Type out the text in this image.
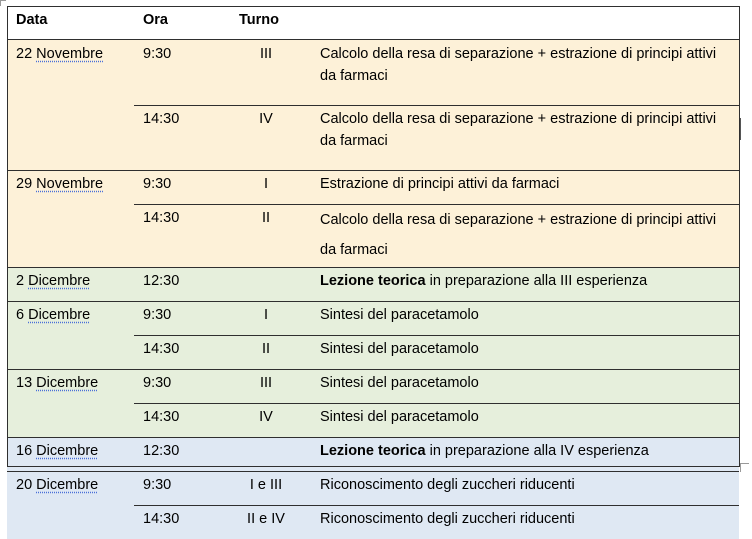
Data	Ora	Turno	
22 Novembre	9:30	III	Calcolo della resa di separazione + estrazione di principi attivi da farmaci
	14:30	IV	Calcolo della resa di separazione + estrazione di principi attivi da farmaci
29 Novembre	9:30	I	Estrazione di principi attivi da farmaci
	14:30	II	Calcolo della resa di separazione + estrazione di principi attivi da farmaci
2 Dicembre	12:30		Lezione teorica in preparazione alla III esperienza
6 Dicembre	9:30	I	Sintesi del paracetamolo
	14:30	II	Sintesi del paracetamolo
13 Dicembre	9:30	III	Sintesi del paracetamolo
	14:30	IV	Sintesi del paracetamolo
16 Dicembre	12:30		Lezione teorica in preparazione alla IV esperienza
20 Dicembre	9:30	I e III	Riconoscimento degli zuccheri riducenti
	14:30	II e IV	Riconoscimento degli zuccheri riducenti
